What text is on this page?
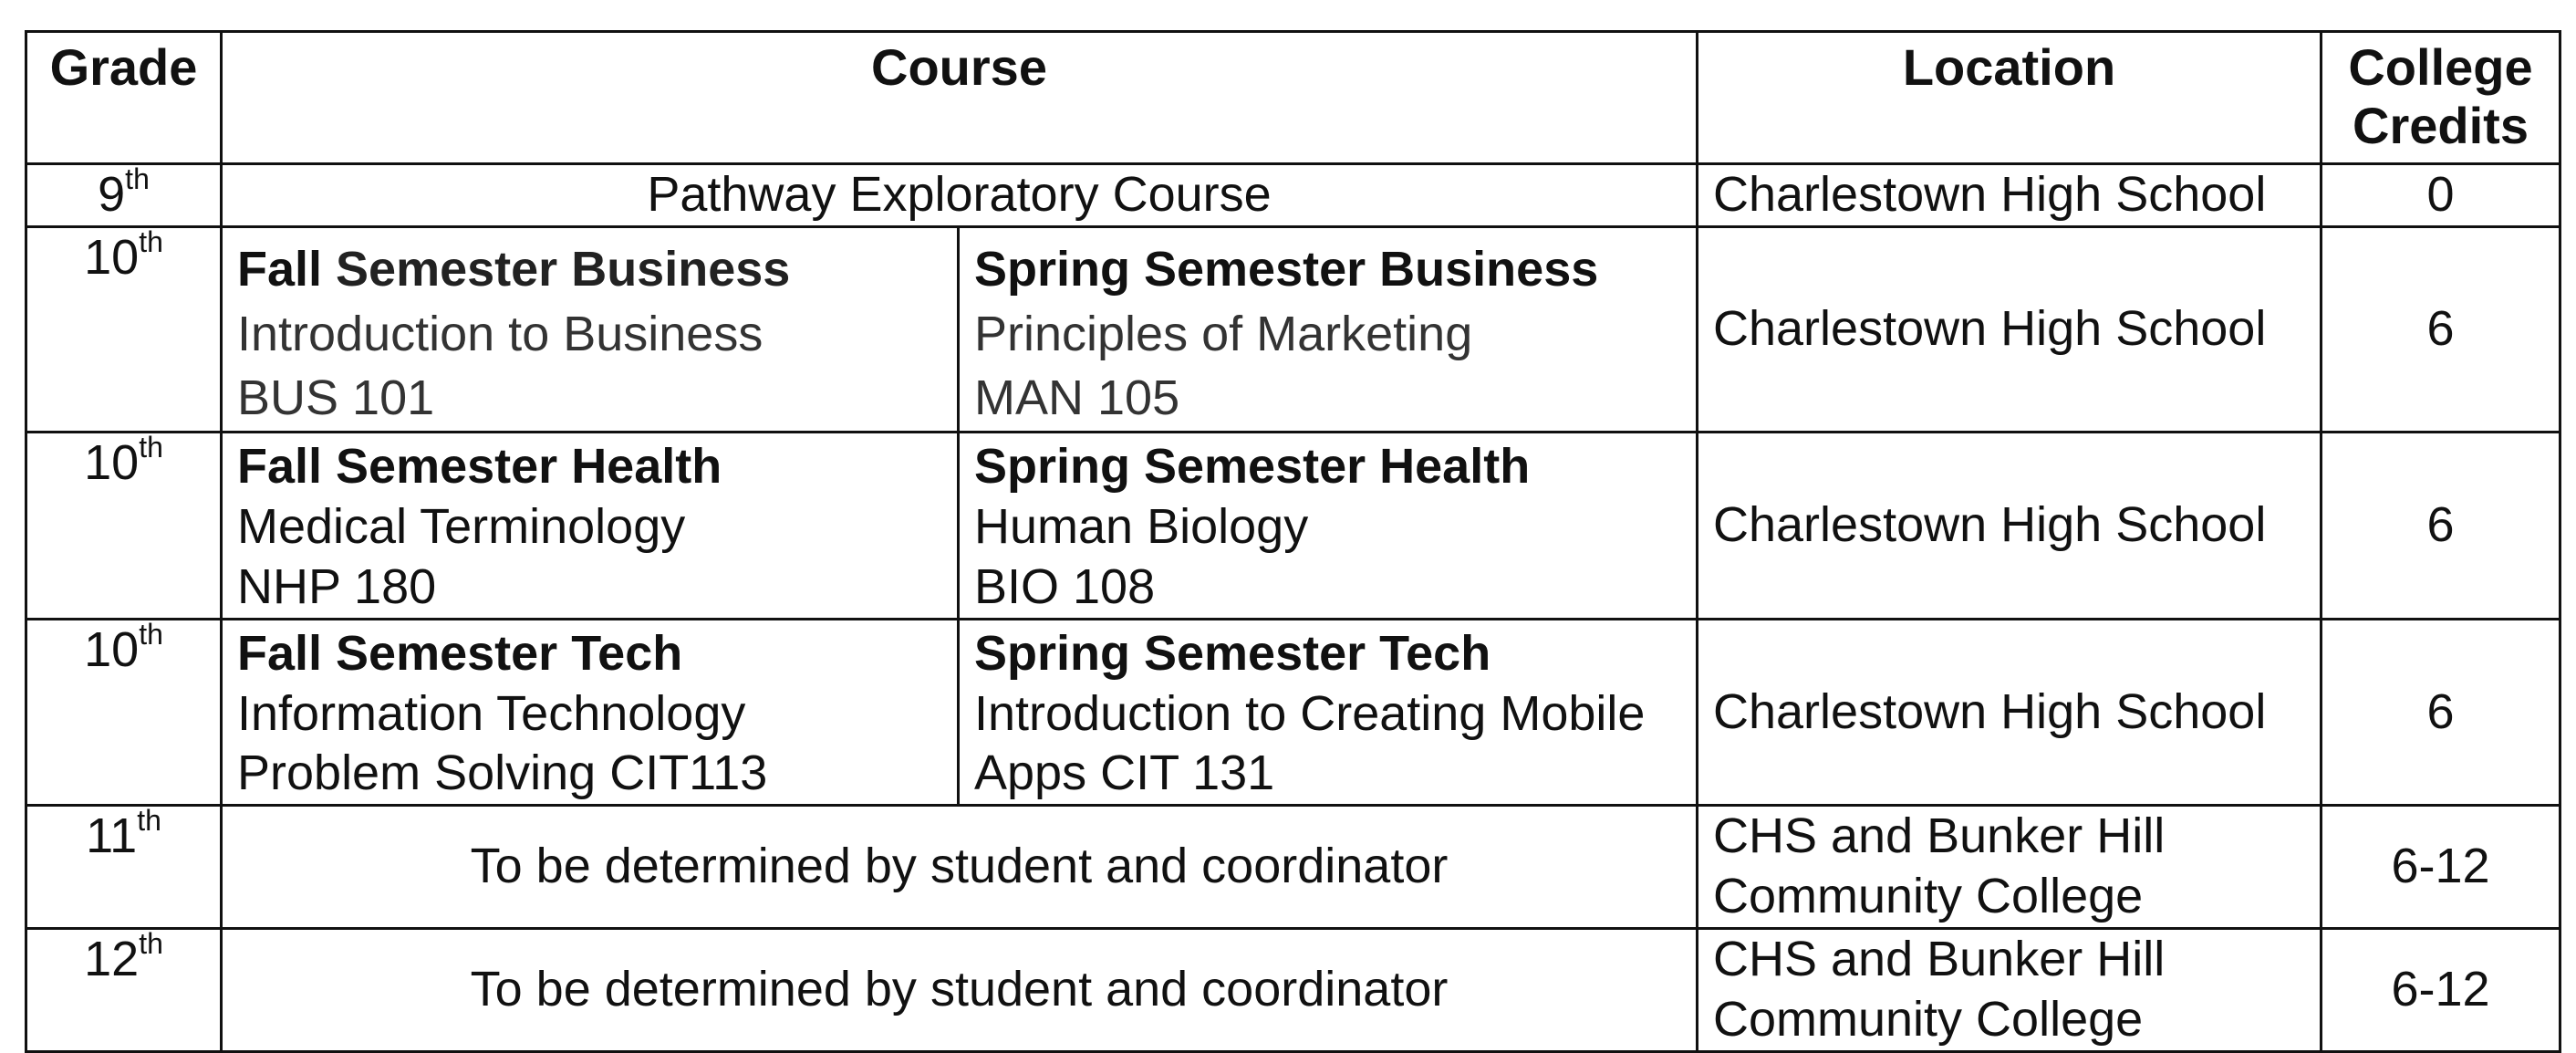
Grade	Course		Location	College
Credits
9th	Pathway Exploratory Course		Charlestown High School	0
10th	Fall Semester Business
Introduction to Business
BUS 101	Spring Semester Business
Principles of Marketing
MAN 105	Charlestown High School	6
10th	Fall Semester Health
Medical Terminology
NHP 180	Spring Semester Health
Human Biology
BIO 108	Charlestown High School	6
10th	Fall Semester Tech
Information Technology
Problem Solving CIT113	Spring Semester Tech
Introduction to Creating Mobile
Apps CIT 131	Charlestown High School	6
11th	To be determined by student and coordinator		CHS and Bunker Hill
Community College	6-12
12th	To be determined by student and coordinator		CHS and Bunker Hill
Community College	6-12
